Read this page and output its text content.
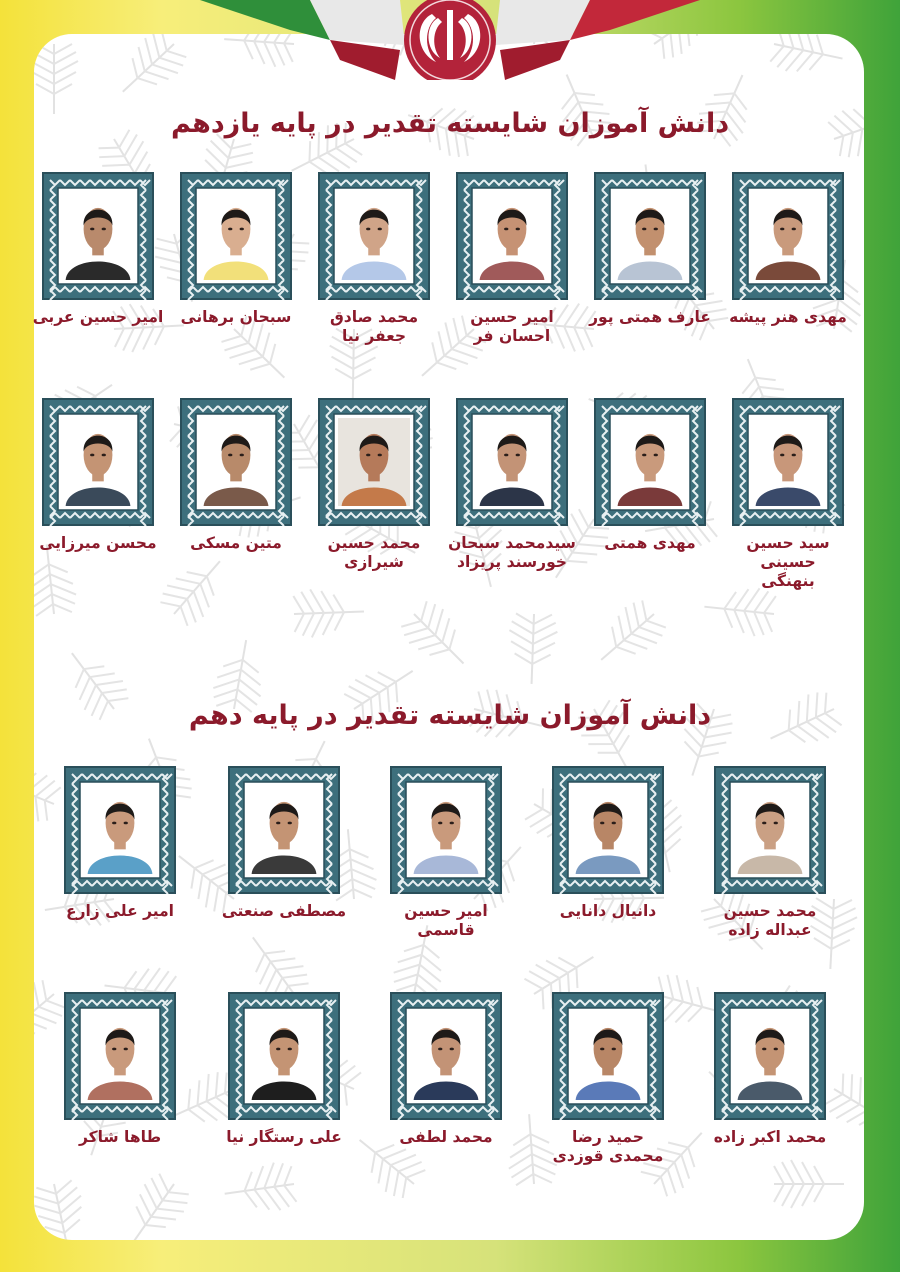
دانش آموزان شایسته تقدیر در پایه یازدهم
دانش آموزان شایسته تقدیر در پایه دهم
مهدی هنر پیشه
عارف همتی پور
امیر حسین
احسان فر
محمد صادق
جعفر نیا
سبحان برهانی
امیر حسین عربی
سید حسین حسینی
بنهنگی
مهدی همتی
سیدمحمد سبحان
خورسند پریزاد
محمد حسین
شیرازی
متین مسکی
محسن میرزایی
محمد حسین
عبداله زاده
دانیال دانایی
امیر حسین قاسمی
مصطفی صنعتی
امیر علی زارع
محمد اکبر زاده
حمید رضا
محمدی قوزدی
محمد لطفی
علی رستگار نیا
طاها شاکر
